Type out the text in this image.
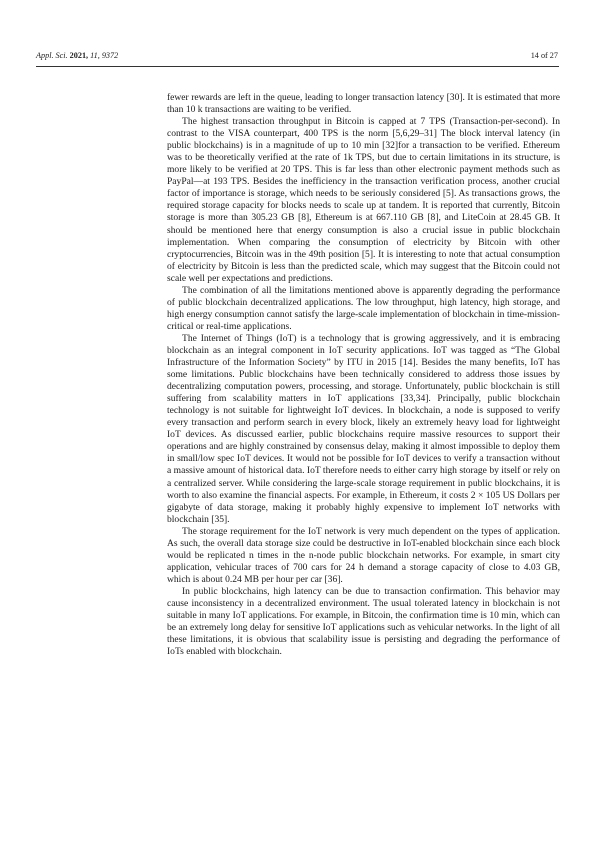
Appl. Sci. 2021, 11, 9372	14 of 27

fewer rewards are left in the queue, leading to longer transaction latency [30]. It is estimated that more than 10 k transactions are waiting to be verified.

The highest transaction throughput in Bitcoin is capped at 7 TPS (Transaction-per-second). In contrast to the VISA counterpart, 400 TPS is the norm [5,6,29–31] The block interval latency (in public blockchains) is in a magnitude of up to 10 min [32]for a transaction to be verified. Ethereum was to be theoretically verified at the rate of 1k TPS, but due to certain limitations in its structure, is more likely to be verified at 20 TPS. This is far less than other electronic payment methods such as PayPal—at 193 TPS. Besides the inefficiency in the transaction verification process, another crucial factor of importance is storage, which needs to be seriously considered [5]. As transactions grows, the required storage capacity for blocks needs to scale up at tandem. It is reported that currently, Bitcoin storage is more than 305.23 GB [8], Ethereum is at 667.110 GB [8], and LiteCoin at 28.45 GB. It should be mentioned here that energy consumption is also a crucial issue in public blockchain implementation. When comparing the consumption of electricity by Bitcoin with other cryptocurrencies, Bitcoin was in the 49th position [5]. It is interesting to note that actual consumption of electricity by Bitcoin is less than the predicted scale, which may suggest that the Bitcoin could not scale well per expectations and predictions.

The combination of all the limitations mentioned above is apparently degrading the performance of public blockchain decentralized applications. The low throughput, high latency, high storage, and high energy consumption cannot satisfy the large-scale implementation of blockchain in time-mission-critical or real-time applications.

The Internet of Things (IoT) is a technology that is growing aggressively, and it is embracing blockchain as an integral component in IoT security applications. IoT was tagged as “The Global Infrastructure of the Information Society” by ITU in 2015 [14]. Besides the many benefits, IoT has some limitations. Public blockchains have been technically considered to address those issues by decentralizing computation powers, processing, and storage. Unfortunately, public blockchain is still suffering from scalability matters in IoT applications [33,34]. Principally, public blockchain technology is not suitable for lightweight IoT devices. In blockchain, a node is supposed to verify every transaction and perform search in every block, likely an extremely heavy load for lightweight IoT devices. As discussed earlier, public blockchains require massive resources to support their operations and are highly constrained by consensus delay, making it almost impossible to deploy them in small/low spec IoT devices. It would not be possible for IoT devices to verify a transaction without a massive amount of historical data. IoT therefore needs to either carry high storage by itself or rely on a centralized server. While considering the large-scale storage requirement in public blockchains, it is worth to also examine the financial aspects. For example, in Ethereum, it costs 2 × 105 US Dollars per gigabyte of data storage, making it probably highly expensive to implement IoT networks with blockchain [35].

The storage requirement for the IoT network is very much dependent on the types of application. As such, the overall data storage size could be destructive in IoT-enabled blockchain since each block would be replicated n times in the n-node public blockchain networks. For example, in smart city application, vehicular traces of 700 cars for 24 h demand a storage capacity of close to 4.03 GB, which is about 0.24 MB per hour per car [36].

In public blockchains, high latency can be due to transaction confirmation. This behavior may cause inconsistency in a decentralized environment. The usual tolerated latency in blockchain is not suitable in many IoT applications. For example, in Bitcoin, the confirmation time is 10 min, which can be an extremely long delay for sensitive IoT applications such as vehicular networks. In the light of all these limitations, it is obvious that scalability issue is persisting and degrading the performance of IoTs enabled with blockchain.
